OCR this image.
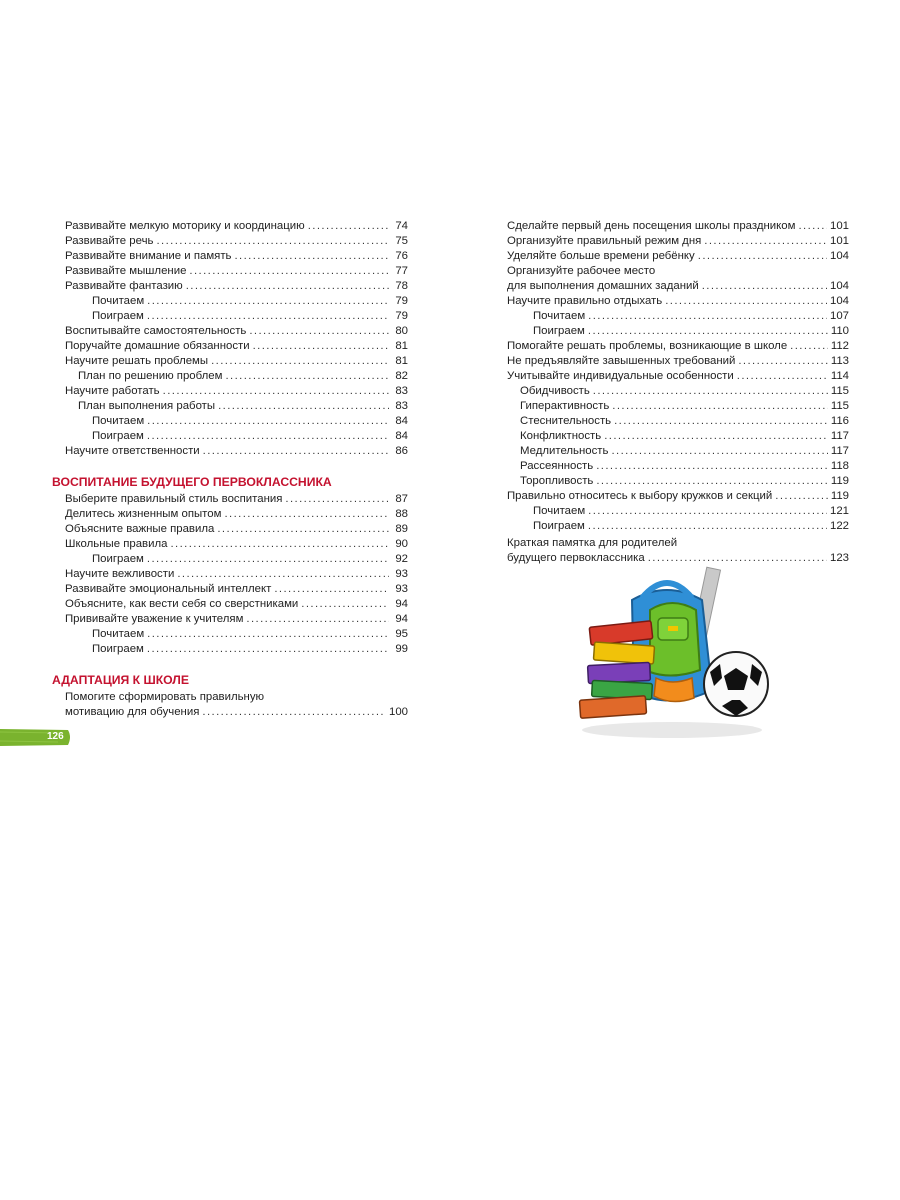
Развивайте мелкую моторику и координацию .....	74
Развивайте речь .....	75
Развивайте внимание и память .....	76
Развивайте мышление .....	77
Развивайте фантазию .....	78
Почитаем .....	79
Поиграем .....	79
Воспитывайте самостоятельность .....	80
Поручайте домашние обязанности .....	81
Научите решать проблемы .....	81
План по решению проблем .....	82
Научите работать .....	83
План выполнения работы .....	83
Почитаем .....	84
Поиграем .....	84
Научите ответственности .....	86
ВОСПИТАНИЕ БУДУЩЕГО ПЕРВОКЛАССНИКА
Выберите правильный стиль воспитания .....	87
Делитесь жизненным опытом .....	88
Объясните важные правила .....	89
Школьные правила .....	90
Поиграем .....	92
Научите вежливости .....	93
Развивайте эмоциональный интеллект .....	93
Объясните, как вести себя со сверстниками .....	94
Прививайте уважение к учителям .....	94
Почитаем .....	95
Поиграем .....	99
АДАПТАЦИЯ К ШКОЛЕ
Помогите сформировать правильную
мотивацию для обучения .....	100
Сделайте первый день посещения школы праздником .....	101
Организуйте правильный режим дня .....	101
Уделяйте больше времени ребёнку .....	104
Организуйте рабочее место
для выполнения домашних заданий .....	104
Научите правильно отдыхать .....	104
Почитаем .....	107
Поиграем .....	110
Помогайте решать проблемы, возникающие в школе .....	112
Не предъявляйте завышенных требований .....	113
Учитывайте индивидуальные особенности .....	114
Обидчивость .....	115
Гиперактивность .....	115
Стеснительность .....	116
Конфликтность .....	117
Медлительность .....	117
Рассеянность .....	118
Торопливость .....	119
Правильно относитесь к выбору кружков и секций .....	119
Почитаем .....	121
Поиграем .....	122
Краткая памятка для родителей
будущего первоклассника .....	123
126
